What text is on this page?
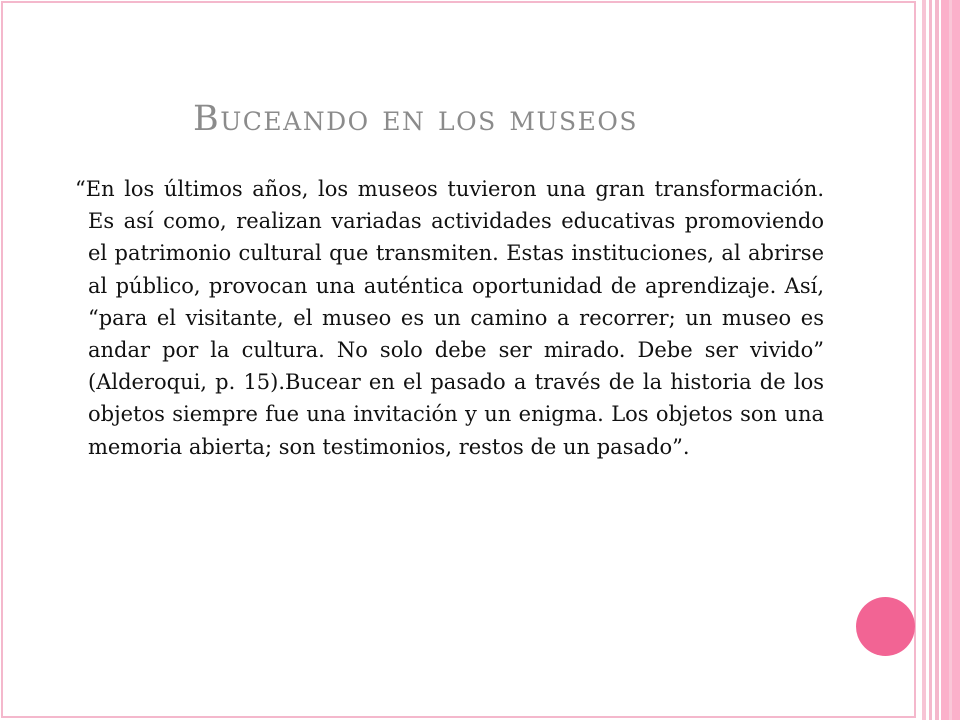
Buceando en los museos

“En los últimos años, los museos tuvieron una gran transformación. Es así como, realizan variadas actividades educativas promoviendo el patrimonio cultural que transmiten. Estas instituciones, al abrirse al público, provocan una auténtica oportunidad de aprendizaje. Así, “para el visitante, el museo es un camino a recorrer; un museo es andar por la cultura. No solo debe ser mirado. Debe ser vivido” (Alderoqui, p. 15).Bucear en el pasado a través de la historia de los objetos siempre fue una invitación y un enigma. Los objetos son una memoria abierta; son testimonios, restos de un pasado”.
